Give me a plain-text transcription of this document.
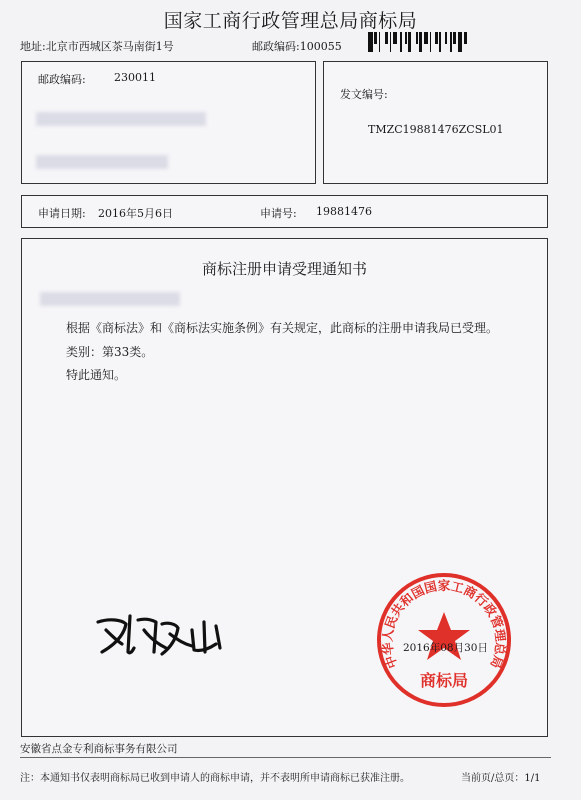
国家工商行政管理总局商标局
地址:北京市西城区茶马南街1号	邮政编码:100055
邮政编码:	230011
发文编号:
TMZC19881476ZCSL01
申请日期: 2016年5月6日	申请号: 19881476
商标注册申请受理通知书
根据《商标法》和《商标法实施条例》有关规定，此商标的注册申请我局已受理。
类别：第33类。
特此通知。
中华人民共和国国家工商行政管理总局
商标局
2016年08月30日
安徽省点金专利商标事务有限公司
注：本通知书仅表明商标局已收到申请人的商标申请，并不表明所申请商标已获准注册。	当前页/总页：1/1
